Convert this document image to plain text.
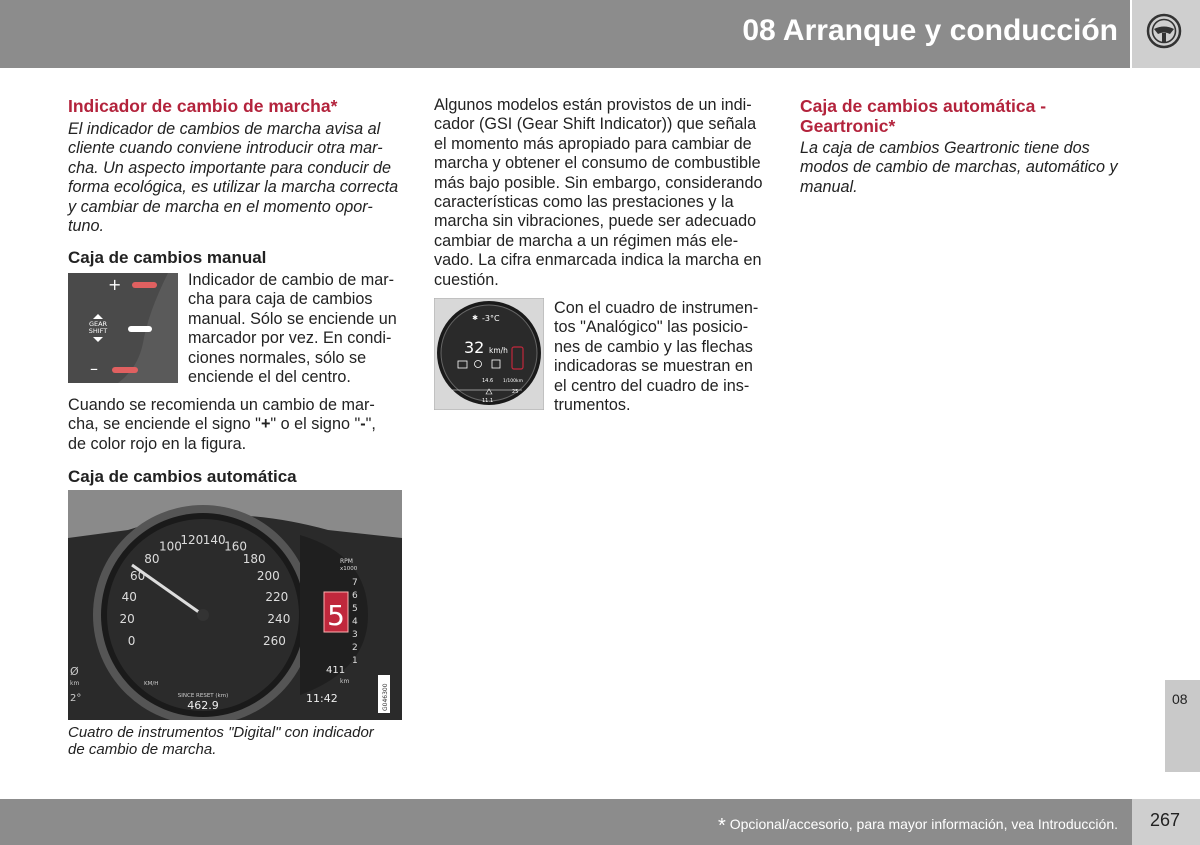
08 Arranque y conducción
Indicador de cambio de marcha*
El indicador de cambios de marcha avisa al
cliente cuando conviene introducir otra mar-
cha. Un aspecto importante para conducir de
forma ecológica, es utilizar la marcha correcta
y cambiar de marcha en el momento opor-
tuno.
Caja de cambios manual
+
GEAR
SHIFT
–
Indicador de cambio de mar-
cha para caja de cambios
manual. Sólo se enciende un
marcador por vez. En condi-
ciones normales, sólo se
enciende el del centro.
Cuando se recomienda un cambio de mar-
cha, se enciende el signo "+" o el signo "-",
de color rojo en la figura.
Caja de cambios automática
0
20
40
60
80
100
120 140
160
180
200
220
240
260
KM/H
SINCE RESET (km)
462.9
RPM
x1000
7
6
5
4
3
2
1
5
411
km
11:42
Ø
km
2°	G046300
Cuatro de instrumentos "Digital" con indicador
de cambio de marcha.
Algunos modelos están provistos de un indi-
cador (GSI (Gear Shift Indicator)) que señala
el momento más apropiado para cambiar de
marcha y obtener el consumo de combustible
más bajo posible. Sin embargo, considerando
características como las prestaciones y la
marcha sin vibraciones, puede ser adecuado
cambiar de marcha a un régimen más ele-
vado. La cifra enmarcada indica la marcha en
cuestión.
-3°C
✱
32 km/h
14.6 1/100km
25
11.1
Con el cuadro de instrumen-
tos "Analógico" las posicio-
nes de cambio y las flechas
indicadoras se muestran en
el centro del cuadro de ins-
trumentos.
Caja de cambios automática -
Geartronic*
La caja de cambios Geartronic tiene dos
modos de cambio de marchas, automático y
manual.
08
* Opcional/accesorio, para mayor información, vea Introducción. 267
